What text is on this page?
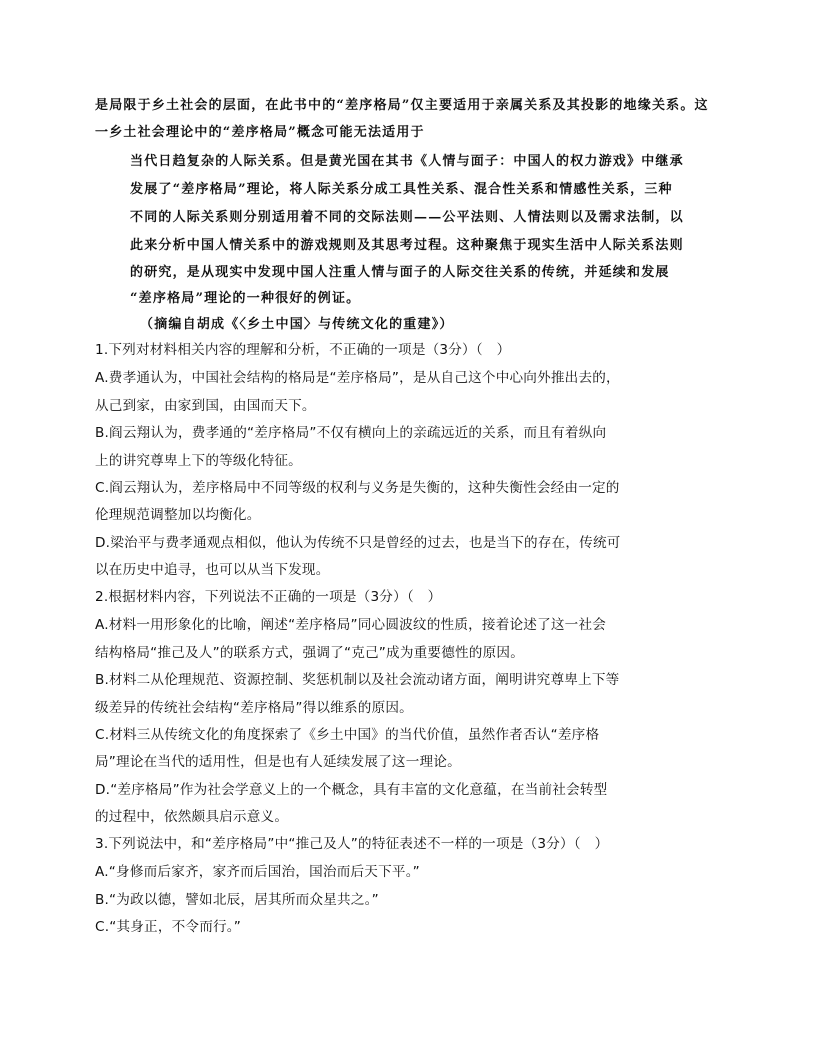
是局限于乡土社会的层面，在此书中的“差序格局”仅主要适用于亲属关系及其投影的地缘关系。这
一乡土社会理论中的“差序格局”概念可能无法适用于
当代日趋复杂的人际关系。但是黄光国在其书《人情与面子：中国人的权力游戏》中继承
发展了“差序格局”理论，将人际关系分成工具性关系、混合性关系和情感性关系，三种
不同的人际关系则分别适用着不同的交际法则——公平法则、人情法则以及需求法制，以
此来分析中国人情关系中的游戏规则及其思考过程。这种聚焦于现实生活中人际关系法则
的研究，是从现实中发现中国人注重人情与面子的人际交往关系的传统，并延续和发展
“差序格局”理论的一种很好的例证。
（摘编自胡成《〈乡土中国〉与传统文化的重建》）
1.下列对材料相关内容的理解和分析，不正确的一项是（3分）（　）
A.费孝通认为，中国社会结构的格局是“差序格局”，是从自己这个中心向外推出去的，
从己到家，由家到国，由国而天下。
B.阎云翔认为，费孝通的“差序格局”不仅有横向上的亲疏远近的关系，而且有着纵向
上的讲究尊卑上下的等级化特征。
C.阎云翔认为，差序格局中不同等级的权利与义务是失衡的，这种失衡性会经由一定的
伦理规范调整加以均衡化。
D.梁治平与费孝通观点相似，他认为传统不只是曾经的过去，也是当下的存在，传统可
以在历史中追寻，也可以从当下发现。
2.根据材料内容，下列说法不正确的一项是（3分）（　）
A.材料一用形象化的比喻，阐述“差序格局”同心圆波纹的性质，接着论述了这一社会
结构格局“推己及人”的联系方式，强调了“克己”成为重要德性的原因。
B.材料二从伦理规范、资源控制、奖惩机制以及社会流动诸方面，阐明讲究尊卑上下等
级差异的传统社会结构“差序格局”得以维系的原因。
C.材料三从传统文化的角度探索了《乡土中国》的当代价值，虽然作者否认“差序格
局”理论在当代的适用性，但是也有人延续发展了这一理论。
D.“差序格局”作为社会学意义上的一个概念，具有丰富的文化意蕴，在当前社会转型
的过程中，依然颇具启示意义。
3.下列说法中，和“差序格局”中“推己及人”的特征表述不一样的一项是（3分）（　）
A.“身修而后家齐，家齐而后国治，国治而后天下平。”
B.“为政以德，譬如北辰，居其所而众星共之。”
C.“其身正，不令而行。”
